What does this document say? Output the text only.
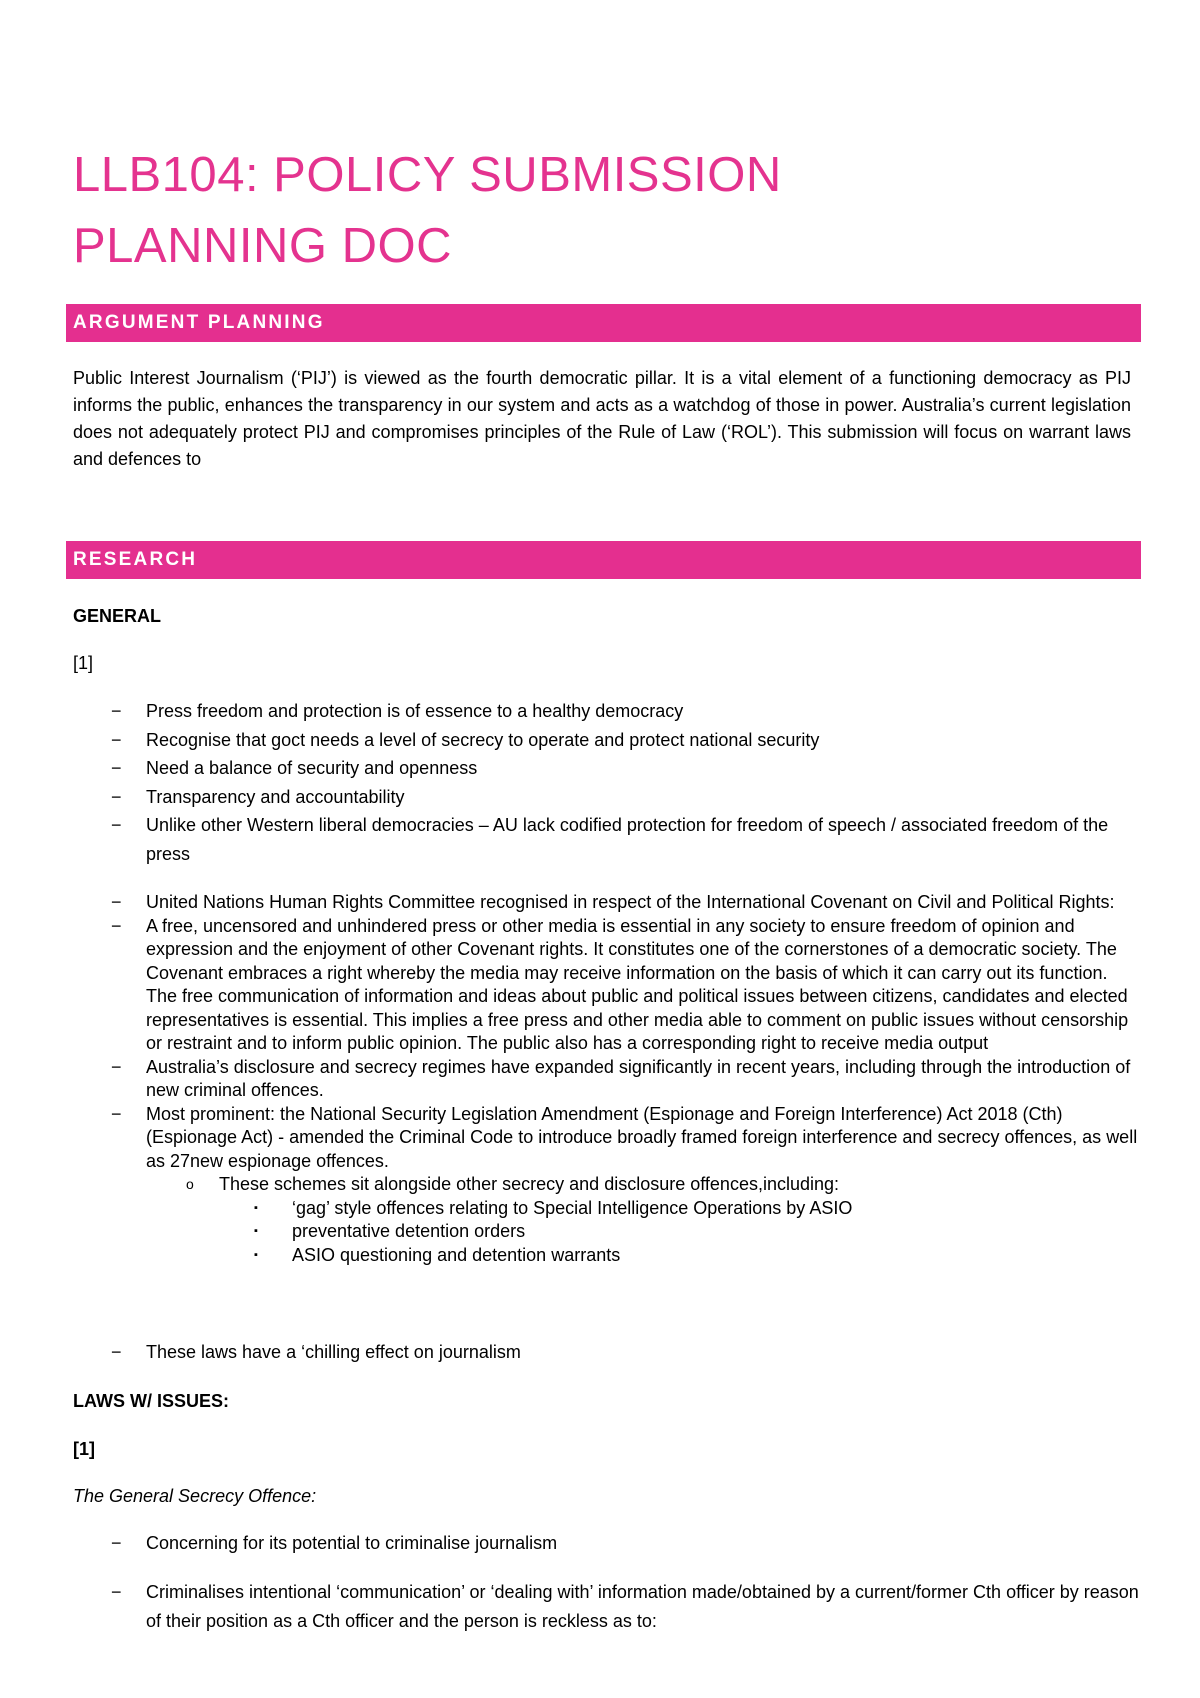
LLB104: POLICY SUBMISSION
PLANNING DOC
ARGUMENT PLANNING

Public Interest Journalism (‘PIJ’) is viewed as the fourth democratic pillar. It is a vital element of a functioning democracy as PIJ informs the public, enhances the transparency in our system and acts as a watchdog of those in power. Australia’s current legislation does not adequately protect PIJ and compromises principles of the Rule of Law (‘ROL’). This submission will focus on warrant laws and defences to

RESEARCH

GENERAL

[1]

− Press freedom and protection is of essence to a healthy democracy
− Recognise that goct needs a level of secrecy to operate and protect national security
− Need a balance of security and openness
− Transparency and accountability
− Unlike other Western liberal democracies – AU lack codified protection for freedom of speech / associated freedom of the press
− United Nations Human Rights Committee recognised in respect of the International Covenant on Civil and Political Rights:
− A free, uncensored and unhindered press or other media is essential in any society to ensure freedom of opinion and expression and the enjoyment of other Covenant rights. It constitutes one of the cornerstones of a democratic society. The Covenant embraces a right whereby the media may receive information on the basis of which it can carry out its function. The free communication of information and ideas about public and political issues between citizens, candidates and elected representatives is essential. This implies a free press and other media able to comment on public issues without censorship or restraint and to inform public opinion. The public also has a corresponding right to receive media output
− Australia’s disclosure and secrecy regimes have expanded significantly in recent years, including through the introduction of new criminal offences.
− Most prominent: the National Security Legislation Amendment (Espionage and Foreign Interference) Act 2018 (Cth) (Espionage Act) - amended the Criminal Code to introduce broadly framed foreign interference and secrecy offences, as well as 27new espionage offences.
o These schemes sit alongside other secrecy and disclosure offences,including:
▪ ‘gag’ style offences relating to Special Intelligence Operations by ASIO
▪ preventative detention orders
▪ ASIO questioning and detention warrants
− These laws have a ‘chilling effect on journalism

LAWS W/ ISSUES:

[1]

The General Secrecy Offence:

− Concerning for its potential to criminalise journalism
− Criminalises intentional ‘communication’ or ‘dealing with’ information made/obtained by a current/former Cth officer by reason of their position as a Cth officer and the person is reckless as to:
